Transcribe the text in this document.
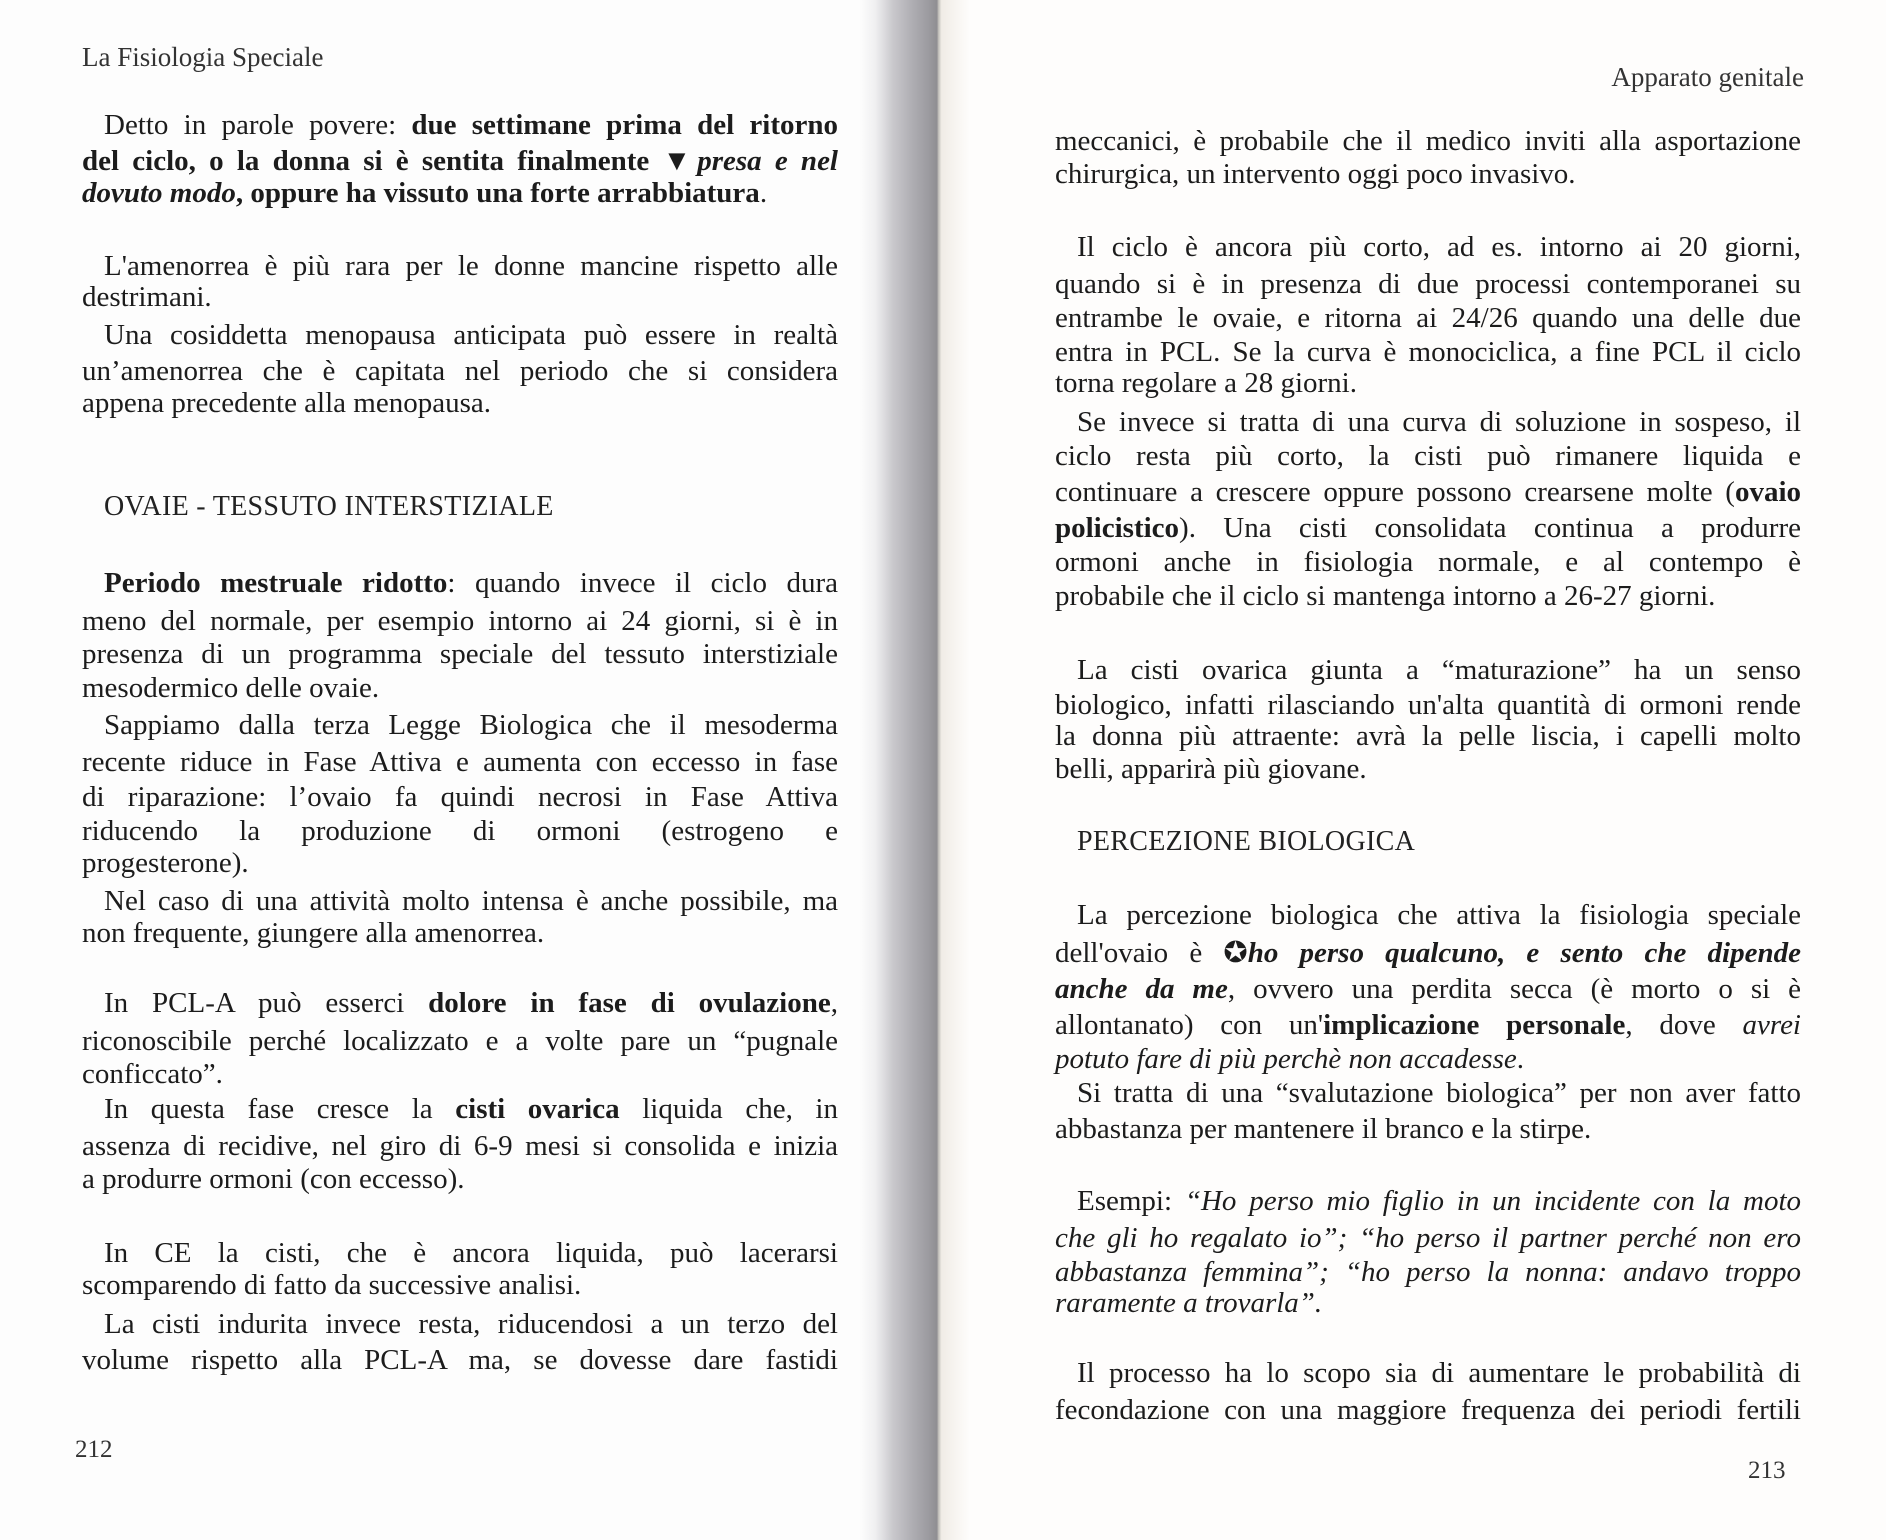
La Fisiologia Speciale
212
Apparato genitale
213
Detto in parole povere: due settimane prima del ritorno
del ciclo, o la donna si è sentita finalmente ▼presa e nel
dovuto modo, oppure ha vissuto una forte arrabbiatura.
L'amenorrea è più rara per le donne mancine rispetto alle
destrimani.
Una cosiddetta menopausa anticipata può essere in realtà
un’amenorrea che è capitata nel periodo che si considera
appena precedente alla menopausa.
OVAIE - TESSUTO INTERSTIZIALE
Periodo mestruale ridotto: quando invece il ciclo dura
meno del normale, per esempio intorno ai 24 giorni, si è in
presenza di un programma speciale del tessuto interstiziale
mesodermico delle ovaie.
Sappiamo dalla terza Legge Biologica che il mesoderma
recente riduce in Fase Attiva e aumenta con eccesso in fase
di riparazione: l’ovaio fa quindi necrosi in Fase Attiva
riducendo la produzione di ormoni (estrogeno e
progesterone).
Nel caso di una attività molto intensa è anche possibile, ma
non frequente, giungere alla amenorrea.
In PCL-A può esserci dolore in fase di ovulazione,
riconoscibile perché localizzato e a volte pare un “pugnale
conficcato”.
In questa fase cresce la cisti ovarica liquida che, in
assenza di recidive, nel giro di 6-9 mesi si consolida e inizia
a produrre ormoni (con eccesso).
In CE la cisti, che è ancora liquida, può lacerarsi
scomparendo di fatto da successive analisi.
La cisti indurita invece resta, riducendosi a un terzo del
volume rispetto alla PCL-A ma, se dovesse dare fastidi
meccanici, è probabile che il medico inviti alla asportazione
chirurgica, un intervento oggi poco invasivo.
Il ciclo è ancora più corto, ad es. intorno ai 20 giorni,
quando si è in presenza di due processi contemporanei su
entrambe le ovaie, e ritorna ai 24/26 quando una delle due
entra in PCL. Se la curva è monociclica, a fine PCL il ciclo
torna regolare a 28 giorni.
Se invece si tratta di una curva di soluzione in sospeso, il
ciclo resta più corto, la cisti può rimanere liquida e
continuare a crescere oppure possono crearsene molte (ovaio
policistico). Una cisti consolidata continua a produrre
ormoni anche in fisiologia normale, e al contempo è
probabile che il ciclo si mantenga intorno a 26-27 giorni.
La cisti ovarica giunta a “maturazione” ha un senso
biologico, infatti rilasciando un'alta quantità di ormoni rende
la donna più attraente: avrà la pelle liscia, i capelli molto
belli, apparirà più giovane.
PERCEZIONE BIOLOGICA
La percezione biologica che attiva la fisiologia speciale
dell'ovaio è ✪ho perso qualcuno, e sento che dipende
anche da me, ovvero una perdita secca (è morto o si è
allontanato) con un'implicazione personale, dove avrei
potuto fare di più perchè non accadesse.
Si tratta di una “svalutazione biologica” per non aver fatto
abbastanza per mantenere il branco e la stirpe.
Esempi: “Ho perso mio figlio in un incidente con la moto
che gli ho regalato io”; “ho perso il partner perché non ero
abbastanza femmina”; “ho perso la nonna: andavo troppo
raramente a trovarla”.
Il processo ha lo scopo sia di aumentare le probabilità di
fecondazione con una maggiore frequenza dei periodi fertili
